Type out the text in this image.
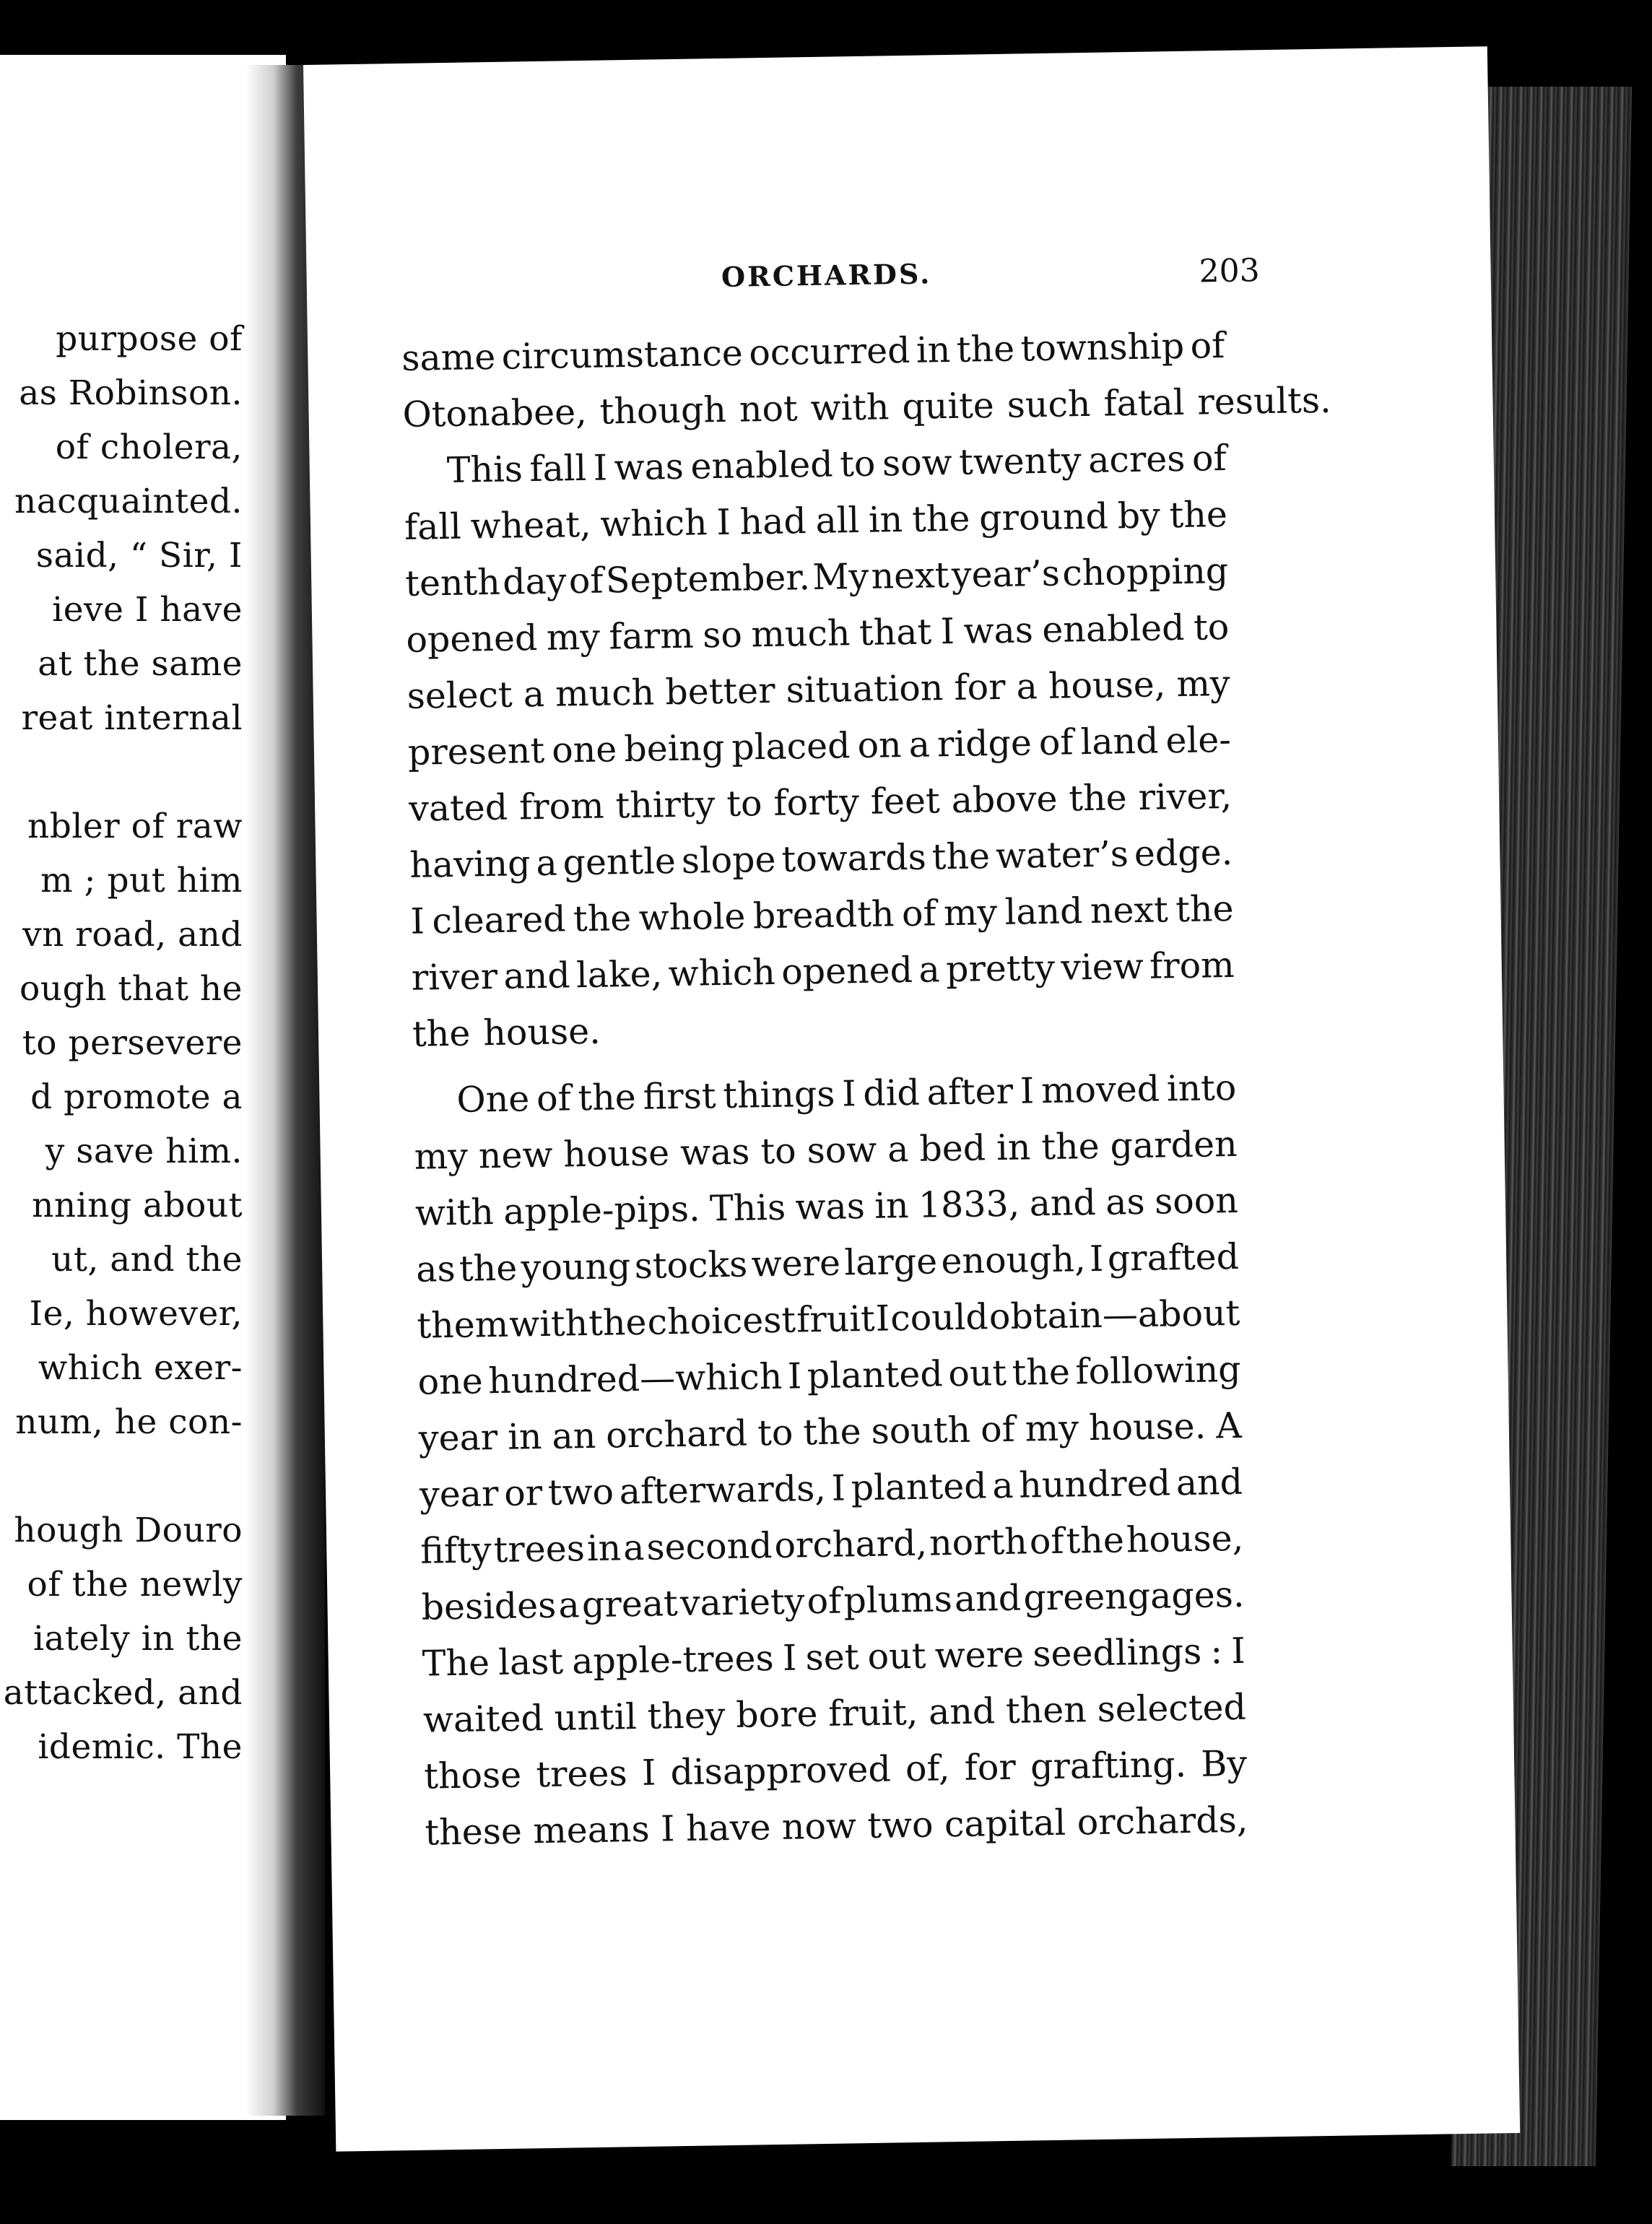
purpose of
as Robinson.
of cholera,
nacquainted.
said, “ Sir, I
ieve I have
at the same
reat internal
nbler of raw
m ; put him
vn road, and
ough that he
to persevere
d promote a
y save him.
nning about
ut, and the
Ie, however,
which exer-
num, he con-
hough Douro
of the newly
iately in the
attacked, and
idemic. The
ORCHARDS.	203
same circumstance occurred in the township of
Otonabee, though not with quite such fatal results.
This fall I was enabled to sow twenty acres of
fall wheat, which I had all in the ground by the
tenth day of September. My next year’s chopping
opened my farm so much that I was enabled to
select a much better situation for a house, my
present one being placed on a ridge of land ele-
vated from thirty to forty feet above the river,
having a gentle slope towards the water’s edge.
I cleared the whole breadth of my land next the
river and lake, which opened a pretty view from
the house.
One of the first things I did after I moved into
my new house was to sow a bed in the garden
with apple-pips. This was in 1833, and as soon
as the young stocks were large enough, I grafted
them with the choicest fruit I could obtain—about
one hundred—which I planted out the following
year in an orchard to the south of my house. A
year or two afterwards, I planted a hundred and
fifty trees in a second orchard, north of the house,
besides a great variety of plums and greengages.
The last apple-trees I set out were seedlings : I
waited until they bore fruit, and then selected
those trees I disapproved of, for grafting. By
these means I have now two capital orchards,
